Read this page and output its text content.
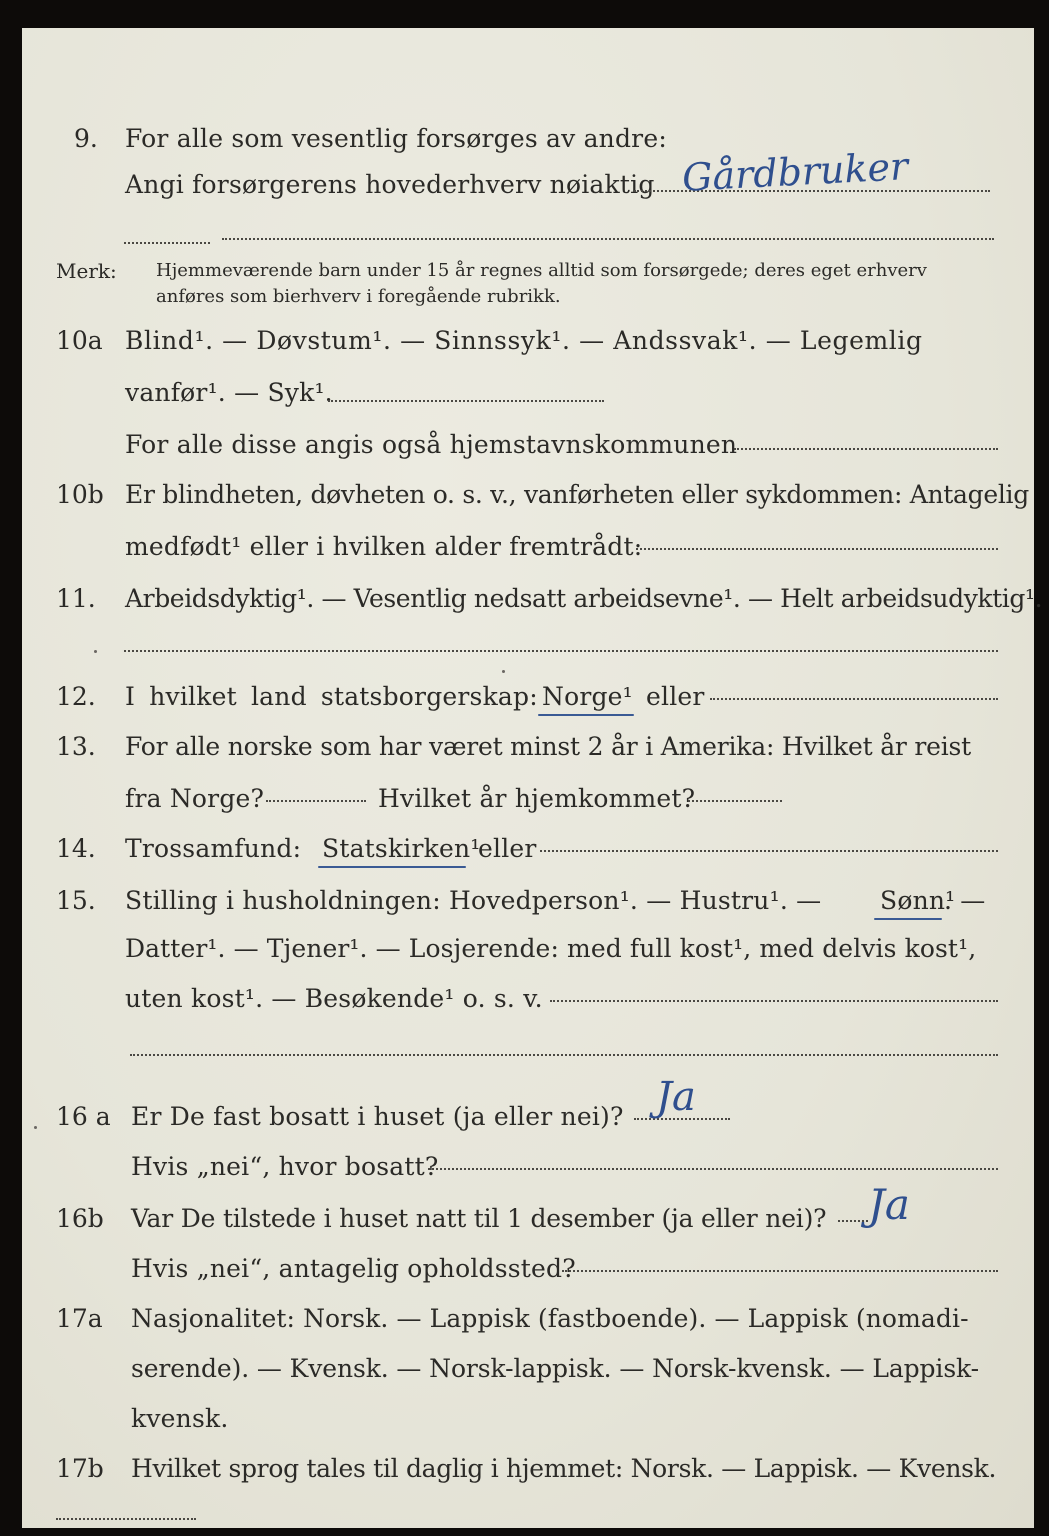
9. For alle som vesentlig forsørges av andre:
Angi forsørgerens hovederhverv nøiaktig Gårdbruker
Merk: Hjemmeværende barn under 15 år regnes alltid som forsørgede; deres eget erhverv
anføres som bierhverv i foregående rubrikk.
10a Blind¹. — Døvstum¹. — Sinnssyk¹. — Andssvak¹. — Legemlig
vanfør¹. — Syk¹.
For alle disse angis også hjemstavnskommunen
10b Er blindheten, døvheten o. s. v., vanførheten eller sykdommen: Antagelig
medfødt¹ eller i hvilken alder fremtrådt:
11. Arbeidsdyktig¹. — Vesentlig nedsatt arbeidsevne¹. — Helt arbeidsudyktig¹.
12. I hvilket land statsborgerskap: Norge¹ eller
13. For alle norske som har været minst 2 år i Amerika: Hvilket år reist
fra Norge?	Hvilket år hjemkommet?
14. Trossamfund: Statskirken¹
eller
15. Stilling i husholdningen: Hovedperson¹. — Hustru¹. — Sønn¹
. —
Datter¹. — Tjener¹. — Losjerende: med full kost¹, med delvis kost¹,
uten kost¹. — Besøkende¹ o. s. v.
16 a Er De fast bosatt i huset (ja eller nei)? Ja
Hvis „nei“, hvor bosatt?
16b Var De tilstede i huset natt til 1 desember (ja eller nei)? Ja
Hvis „nei“, antagelig opholdssted?
17a Nasjonalitet: Norsk. — Lappisk (fastboende). — Lappisk (nomadi-
serende). — Kvensk. — Norsk-lappisk. — Norsk-kvensk. — Lappisk-
kvensk.
17b Hvilket sprog tales til daglig i hjemmet: Norsk. — Lappisk. — Kvensk.
